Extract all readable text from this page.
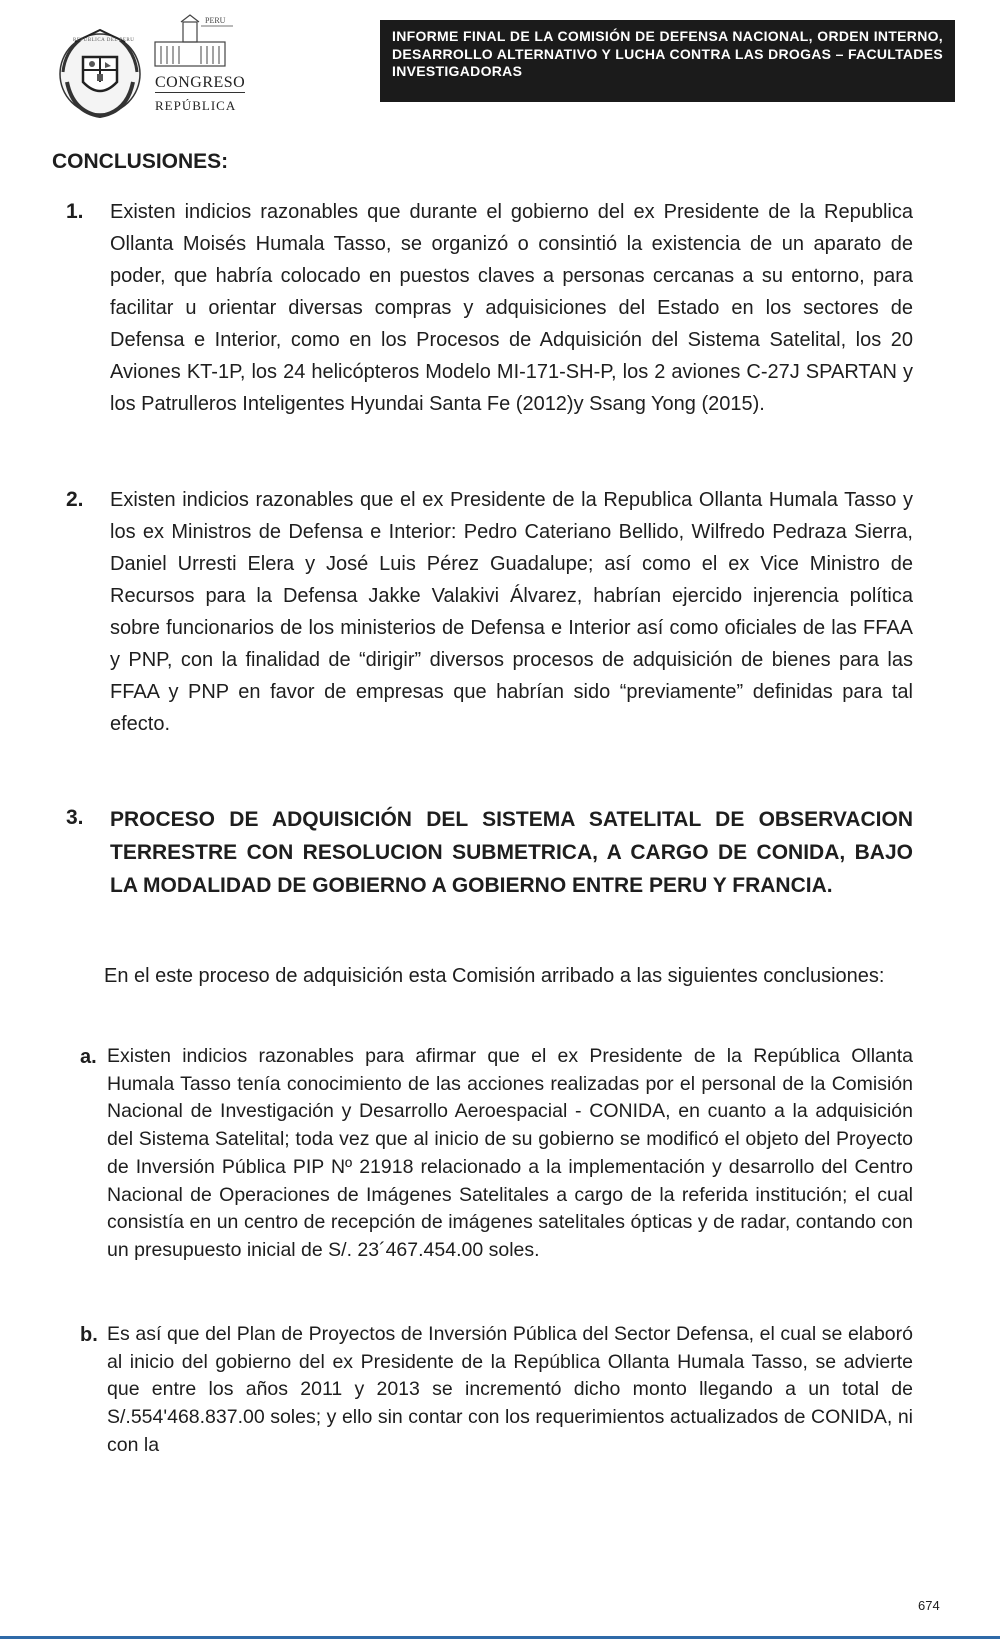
PERU
REPUBLICA DEL PERU
CONGRESO
REPÚBLICA
INFORME FINAL DE LA COMISIÓN DE DEFENSA NACIONAL, ORDEN INTERNO, DESARROLLO ALTERNATIVO Y LUCHA CONTRA LAS DROGAS – FACULTADES INVESTIGADORAS
CONCLUSIONES:
1. Existen indicios razonables que durante el gobierno del ex Presidente de la Republica Ollanta Moisés Humala Tasso, se organizó o consintió la existencia de un aparato de poder, que habría colocado en puestos claves a personas cercanas a su entorno, para facilitar u orientar diversas compras y adquisiciones del Estado en los sectores de Defensa e Interior, como en los Procesos de Adquisición del Sistema Satelital, los 20 Aviones KT-1P, los 24 helicópteros Modelo MI-171-SH-P, los 2 aviones C-27J SPARTAN y los Patrulleros Inteligentes Hyundai Santa Fe (2012)y Ssang Yong (2015).

2. Existen indicios razonables que el ex Presidente de la Republica Ollanta Humala Tasso y los ex Ministros de Defensa e Interior: Pedro Cateriano Bellido, Wilfredo Pedraza Sierra, Daniel Urresti Elera y José Luis Pérez Guadalupe; así como el ex Vice Ministro de Recursos para la Defensa Jakke Valakivi Álvarez, habrían ejercido injerencia política sobre funcionarios de los ministerios de Defensa e Interior así como oficiales de las FFAA y PNP, con la finalidad de “dirigir” diversos procesos de adquisición de bienes para las FFAA y PNP en favor de empresas que habrían sido “previamente” definidas para tal efecto.

3. PROCESO DE ADQUISICIÓN DEL SISTEMA SATELITAL DE OBSERVACION TERRESTRE CON RESOLUCION SUBMETRICA, A CARGO DE CONIDA, BAJO LA MODALIDAD DE GOBIERNO A GOBIERNO ENTRE PERU Y FRANCIA.

En el este proceso de adquisición esta Comisión arribado a las siguientes conclusiones:

a. Existen indicios razonables para afirmar que el ex Presidente de la República Ollanta Humala Tasso tenía conocimiento de las acciones realizadas por el personal de la Comisión Nacional de Investigación y Desarrollo Aeroespacial - CONIDA, en cuanto a la adquisición del Sistema Satelital; toda vez que al inicio de su gobierno se modificó el objeto del Proyecto de Inversión Pública PIP Nº 21918 relacionado a la implementación y desarrollo del Centro Nacional de Operaciones de Imágenes Satelitales a cargo de la referida institución; el cual consistía en un centro de recepción de imágenes satelitales ópticas y de radar, contando con un presupuesto inicial de S/. 23´467.454.00 soles.

b. Es así que del Plan de Proyectos de Inversión Pública del Sector Defensa, el cual se elaboró al inicio del gobierno del ex Presidente de la República Ollanta Humala Tasso, se advierte que entre los años 2011 y 2013 se incrementó dicho monto llegando a un total de S/.554'468.837.00 soles; y ello sin contar con los requerimientos actualizados de CONIDA, ni con la

674
